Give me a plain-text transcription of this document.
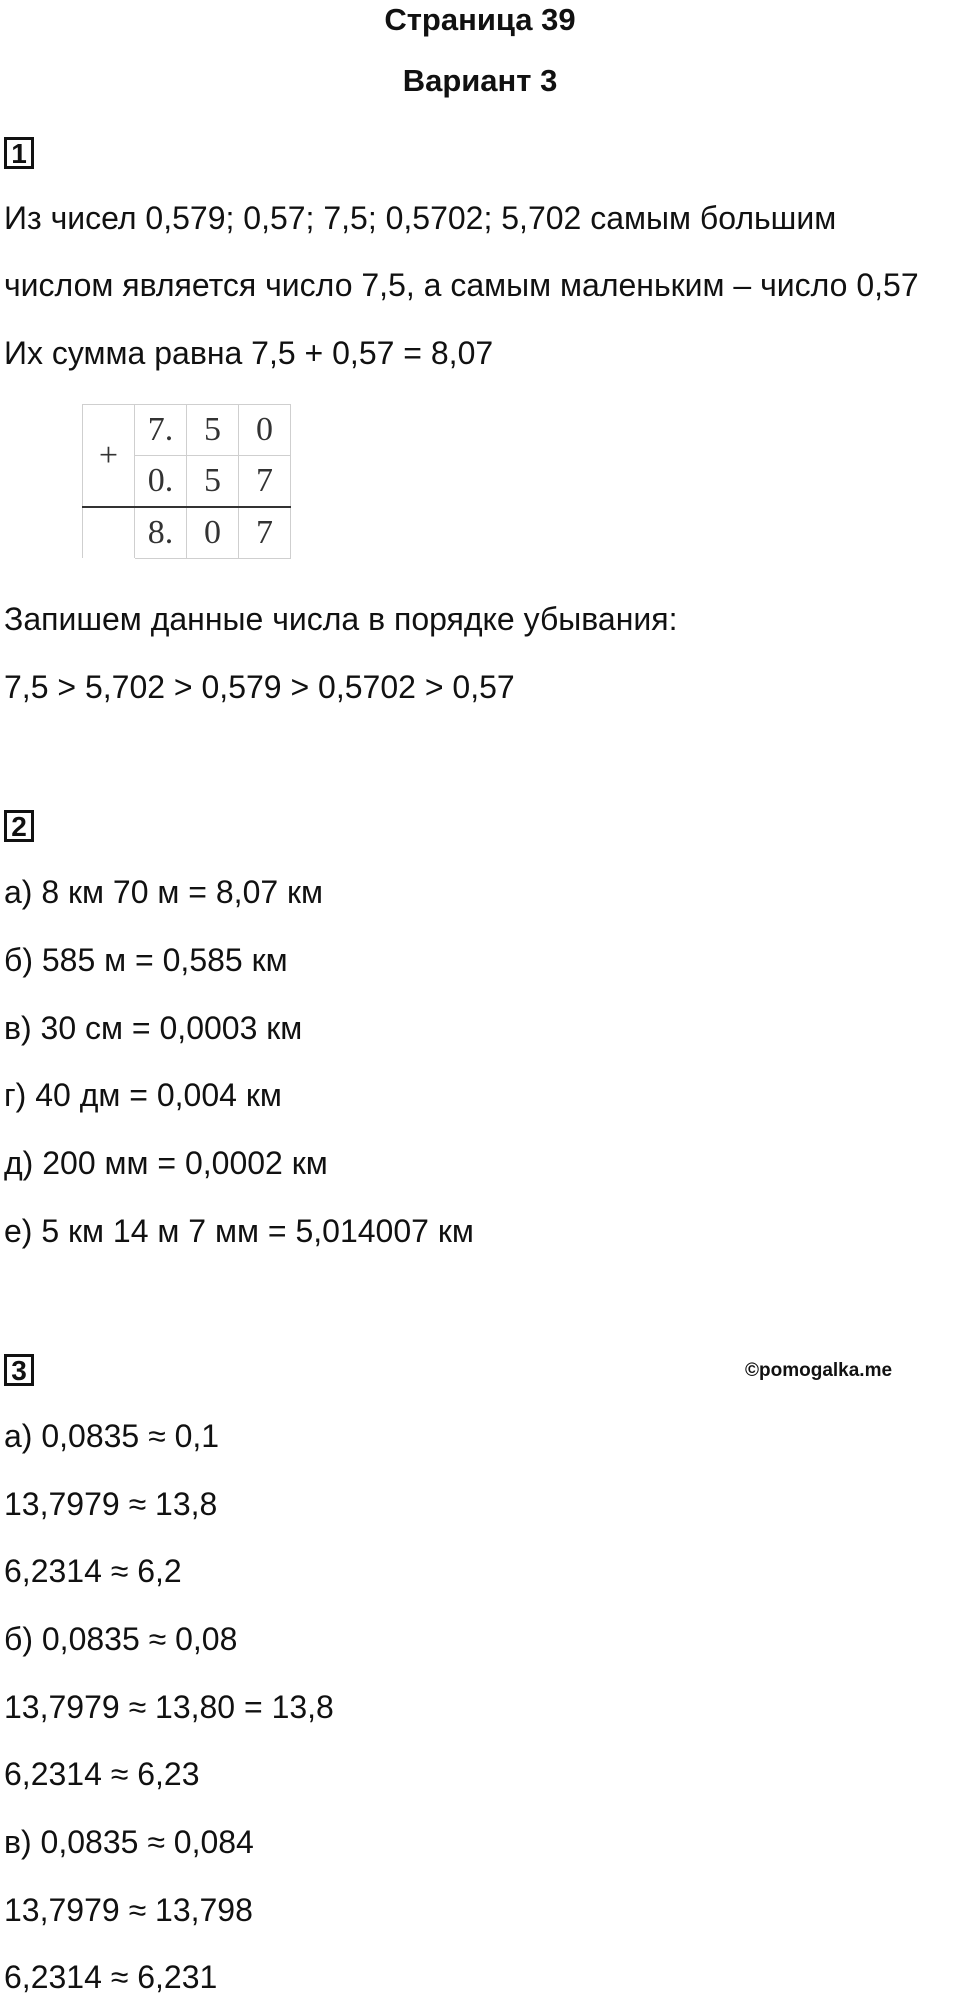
Страница 39
Вариант 3
1

Из чисел 0,579; 0,57; 7,5; 0,5702; 5,702 самым большим

числом является число 7,5, а самым маленьким – число 0,57

Их сумма равна 7,5 + 0,57 = 8,07

+	7.	5	0
	0.	5	7
	8.	0	7

Запишем данные числа в порядке убывания:

7,5 > 5,702 > 0,579 > 0,5702 > 0,57

2

а) 8 км 70 м = 8,07 км

б) 585 м = 0,585 км

в) 30 см = 0,0003 км

г) 40 дм = 0,004 км

д) 200 мм = 0,0002 км

е) 5 км 14 м 7 мм = 5,014007 км

3	©pomogalka.me

а) 0,0835 ≈ 0,1

13,7979 ≈ 13,8

6,2314 ≈ 6,2

б) 0,0835 ≈ 0,08

13,7979 ≈ 13,80 = 13,8

6,2314 ≈ 6,23

в) 0,0835 ≈ 0,084

13,7979 ≈ 13,798

6,2314 ≈ 6,231
